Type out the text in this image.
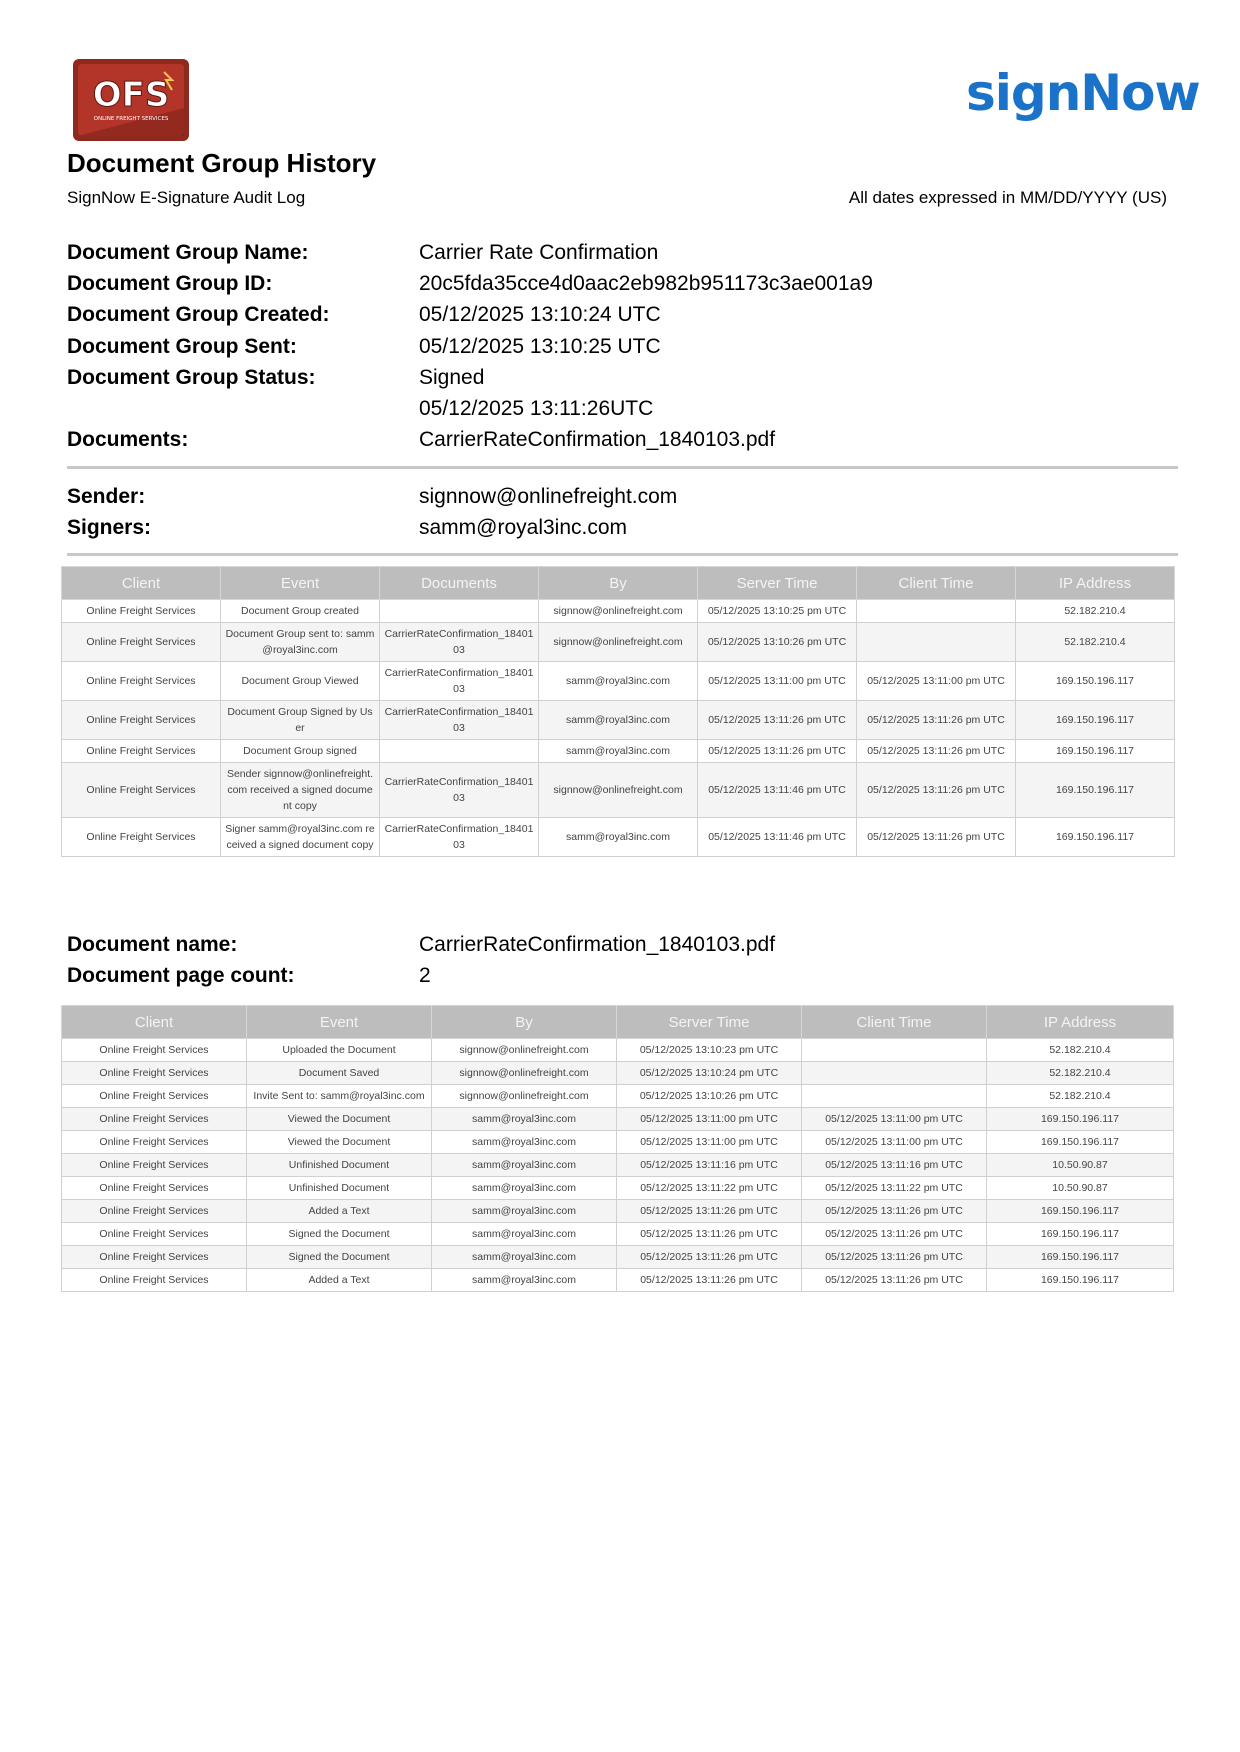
OFS
ONLINE FREIGHT SERVICES	signNow
Document Group History
SignNow E-Signature Audit Log	All dates expressed in MM/DD/YYYY (US)
Document Group Name:	Carrier Rate Confirmation
Document Group ID:	20c5fda35cce4d0aac2eb982b951173c3ae001a9
Document Group Created:	05/12/2025 13:10:24 UTC
Document Group Sent:	05/12/2025 13:10:25 UTC
Document Group Status:	Signed
05/12/2025 13:11:26UTC
Documents:	CarrierRateConfirmation_1840103.pdf
Sender:	signnow@onlinefreight.com
Signers:	samm@royal3inc.com
Client	Event	Documents	By	Server Time	Client Time	IP Address
Online Freight Services	Document Group created		signnow@onlinefreight.com	05/12/2025 13:10:25 pm UTC		52.182.210.4
Online Freight Services	Document Group sent to: samm@royal3inc.com	CarrierRateConfirmation_1840103	signnow@onlinefreight.com	05/12/2025 13:10:26 pm UTC		52.182.210.4
Online Freight Services	Document Group Viewed	CarrierRateConfirmation_1840103	samm@royal3inc.com	05/12/2025 13:11:00 pm UTC	05/12/2025 13:11:00 pm UTC	169.150.196.117
Online Freight Services	Document Group Signed by User	CarrierRateConfirmation_1840103	samm@royal3inc.com	05/12/2025 13:11:26 pm UTC	05/12/2025 13:11:26 pm UTC	169.150.196.117
Online Freight Services	Document Group signed		samm@royal3inc.com	05/12/2025 13:11:26 pm UTC	05/12/2025 13:11:26 pm UTC	169.150.196.117
Online Freight Services	Sender signnow@onlinefreight.com received a signed document copy	CarrierRateConfirmation_1840103	signnow@onlinefreight.com	05/12/2025 13:11:46 pm UTC	05/12/2025 13:11:26 pm UTC	169.150.196.117
Online Freight Services	Signer samm@royal3inc.com received a signed document copy	CarrierRateConfirmation_1840103	samm@royal3inc.com	05/12/2025 13:11:46 pm UTC	05/12/2025 13:11:26 pm UTC	169.150.196.117
Document name:	CarrierRateConfirmation_1840103.pdf
Document page count:	2
Client	Event	By	Server Time	Client Time	IP Address
Online Freight Services	Uploaded the Document	signnow@onlinefreight.com	05/12/2025 13:10:23 pm UTC		52.182.210.4
Online Freight Services	Document Saved	signnow@onlinefreight.com	05/12/2025 13:10:24 pm UTC		52.182.210.4
Online Freight Services	Invite Sent to: samm@royal3inc.com	signnow@onlinefreight.com	05/12/2025 13:10:26 pm UTC		52.182.210.4
Online Freight Services	Viewed the Document	samm@royal3inc.com	05/12/2025 13:11:00 pm UTC	05/12/2025 13:11:00 pm UTC	169.150.196.117
Online Freight Services	Viewed the Document	samm@royal3inc.com	05/12/2025 13:11:00 pm UTC	05/12/2025 13:11:00 pm UTC	169.150.196.117
Online Freight Services	Unfinished Document	samm@royal3inc.com	05/12/2025 13:11:16 pm UTC	05/12/2025 13:11:16 pm UTC	10.50.90.87
Online Freight Services	Unfinished Document	samm@royal3inc.com	05/12/2025 13:11:22 pm UTC	05/12/2025 13:11:22 pm UTC	10.50.90.87
Online Freight Services	Added a Text	samm@royal3inc.com	05/12/2025 13:11:26 pm UTC	05/12/2025 13:11:26 pm UTC	169.150.196.117
Online Freight Services	Signed the Document	samm@royal3inc.com	05/12/2025 13:11:26 pm UTC	05/12/2025 13:11:26 pm UTC	169.150.196.117
Online Freight Services	Signed the Document	samm@royal3inc.com	05/12/2025 13:11:26 pm UTC	05/12/2025 13:11:26 pm UTC	169.150.196.117
Online Freight Services	Added a Text	samm@royal3inc.com	05/12/2025 13:11:26 pm UTC	05/12/2025 13:11:26 pm UTC	169.150.196.117
